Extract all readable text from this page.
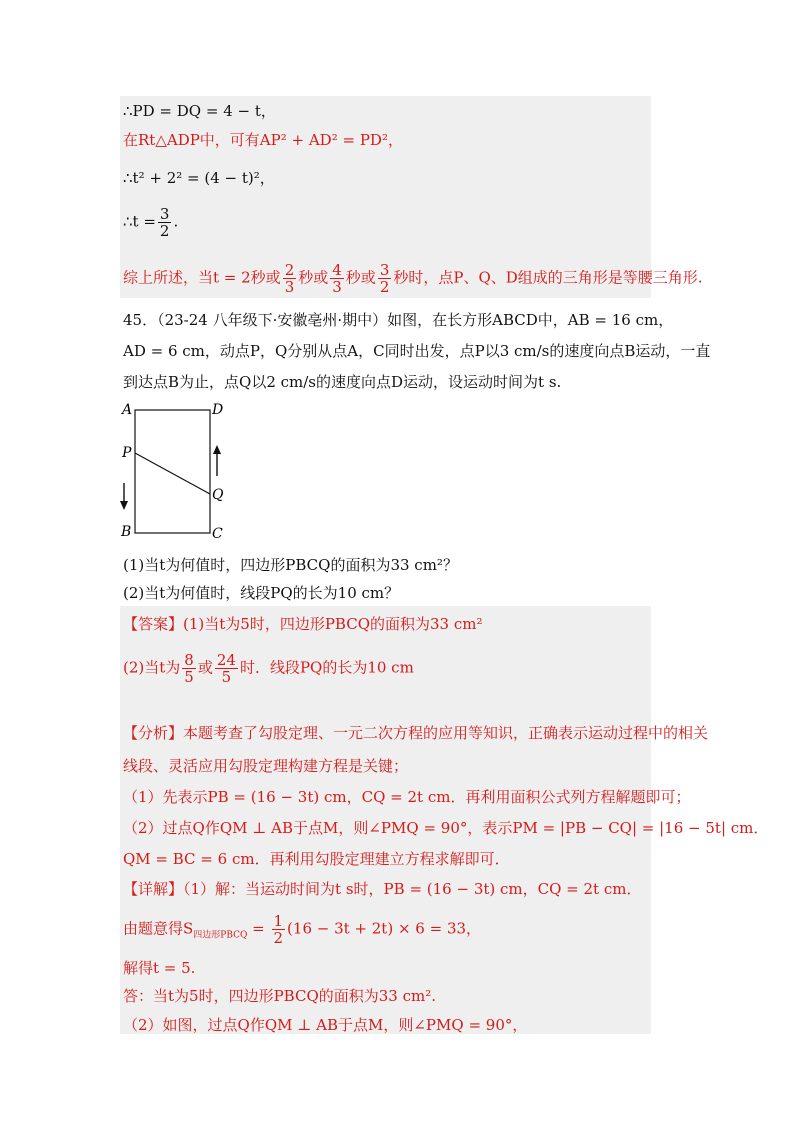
∴PD = DQ = 4 − t，
在Rt△ADP中，可有AP² + AD² = PD²，
∴t² + 2² = (4 − t)²，
∴t = $\frac{3}{2}$ .
综上所述，当t = 2秒或 $\frac{2}{3}$ 秒或 $\frac{4}{3}$ 秒或 $\frac{3}{2}$ 秒时，点P、Q、D组成的三角形是等腰三角形.
45．（23-24 八年级下·安徽亳州·期中）如图，在长方形ABCD中，AB = 16 cm，
AD = 6 cm，动点P，Q分别从点A，C同时出发，点P以3 cm/s的速度向点B运动，一直
到达点B为止，点Q以2 cm/s的速度向点D运动，设运动时间为t s.
A	D
P
Q
B	C
(1)当t为何值时，四边形PBCQ的面积为33 cm²？
(2)当t为何值时，线段PQ的长为10 cm？
【答案】(1)当t为5时，四边形PBCQ的面积为33 cm²
(2)当t为 $\frac{8}{5}$ 或 $\frac{24}{5}$ 时．线段PQ的长为10 cm
【分析】本题考查了勾股定理、一元二次方程的应用等知识，正确表示运动过程中的相关
线段、灵活应用勾股定理构建方程是关键；
（1）先表示PB = (16 − 3t) cm，CQ = 2t cm．再利用面积公式列方程解题即可；
（2）过点Q作QM ⊥ AB于点M，则∠PMQ = 90°，表示PM = |PB − CQ| = |16 − 5t| cm．
QM = BC = 6 cm．再利用勾股定理建立方程求解即可．
【详解】（1）解：当运动时间为t s时，PB = (16 − 3t) cm，CQ = 2t cm．
由题意得$S_{四边形PBCQ} = \frac{1}{2} (16 - 3t + 2t) \times 6 = 33$，
解得t = 5.
答：当t为5时，四边形PBCQ的面积为33 cm².
（2）如图，过点Q作QM ⊥ AB于点M，则∠PMQ = 90°，
